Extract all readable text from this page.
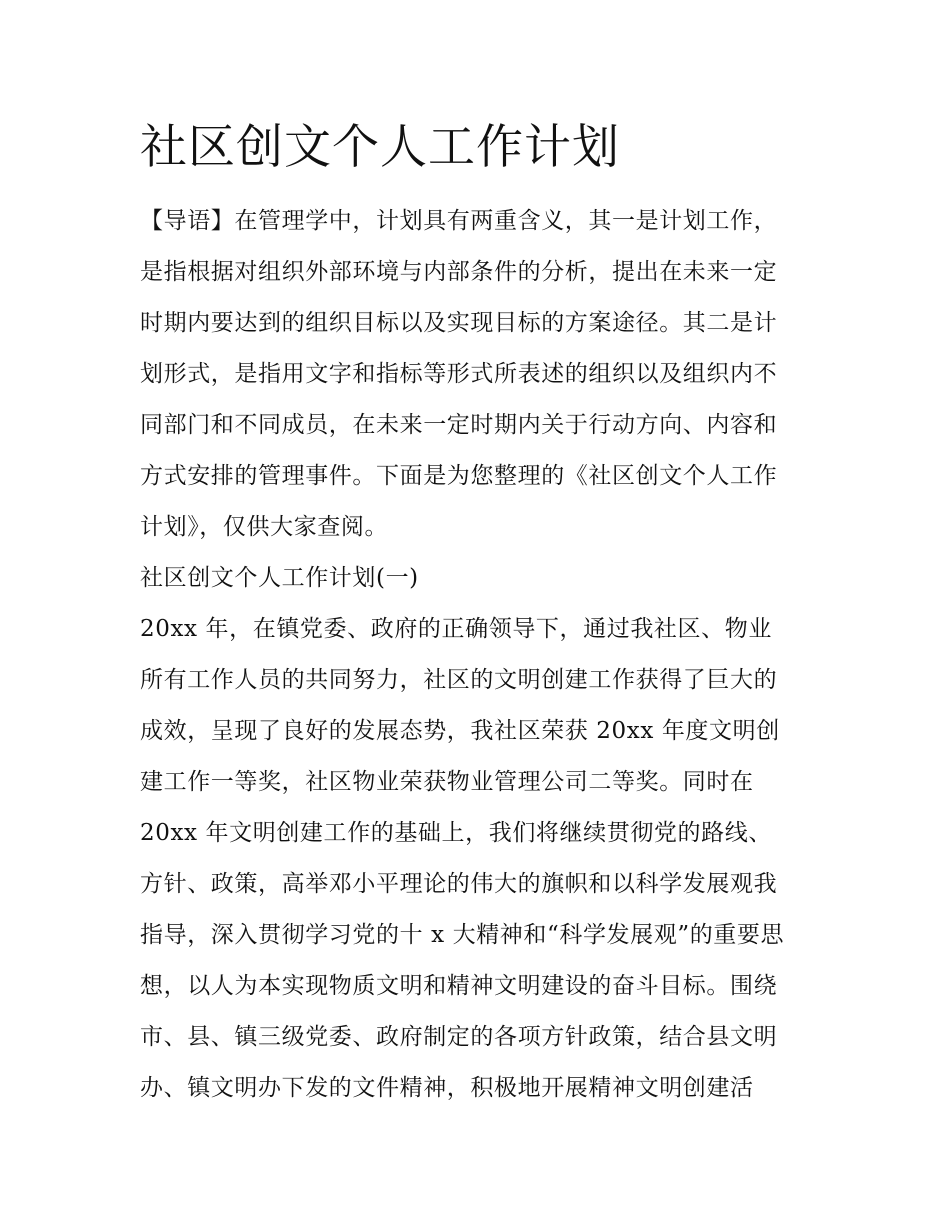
社区创文个人工作计划

【导语】在管理学中，计划具有两重含义，其一是计划工作，

是指根据对组织外部环境与内部条件的分析，提出在未来一定

时期内要达到的组织目标以及实现目标的方案途径。其二是计

划形式，是指用文字和指标等形式所表述的组织以及组织内不

同部门和不同成员，在未来一定时期内关于行动方向、内容和

方式安排的管理事件。下面是为您整理的《社区创文个人工作

计划》，仅供大家查阅。

社区创文个人工作计划(一)

20xx 年，在镇党委、政府的正确领导下，通过我社区、物业

所有工作人员的共同努力，社区的文明创建工作获得了巨大的

成效，呈现了良好的发展态势，我社区荣获 20xx 年度文明创

建工作一等奖，社区物业荣获物业管理公司二等奖。同时在

20xx 年文明创建工作的基础上，我们将继续贯彻党的路线、

方针、政策，高举邓小平理论的伟大的旗帜和以科学发展观我

指导，深入贯彻学习党的十 x 大精神和“科学发展观”的重要思

想，以人为本实现物质文明和精神文明建设的奋斗目标。围绕

市、县、镇三级党委、政府制定的各项方针政策，结合县文明

办、镇文明办下发的文件精神，积极地开展精神文明创建活
